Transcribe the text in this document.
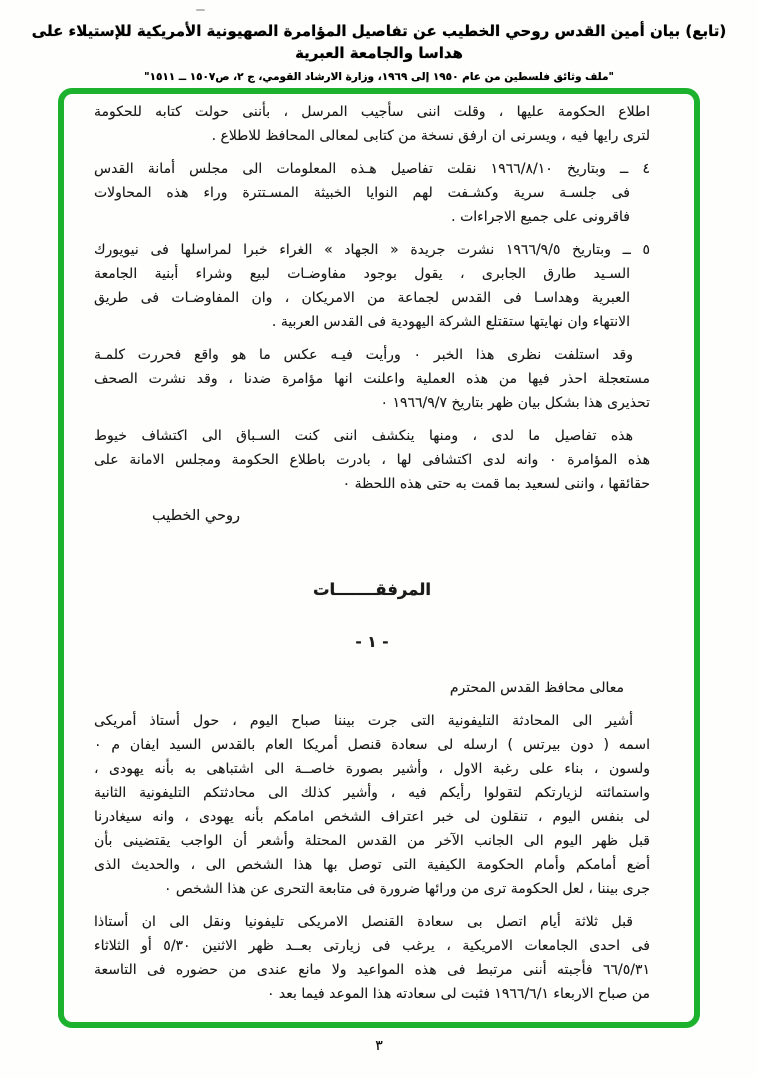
(تابع) بيان أمين القدس روحي الخطيب عن تفاصيل المؤامرة الصهيونية الأمريكية للإستيلاء على هداسا والجامعة العبرية
"ملف وثائق فلسطين من عام ١٩٥٠ إلى ١٩٦٩، وزارة الارشاد القومي، ج ٢، ص١٥٠٧ ــ ١٥١١"
اطلاع الحكومة عليها ، وقلت اننى سأجيب المرسل ، بأننى حولت كتابه للحكومة
لترى رايها فيه ، ويسرنى ان ارفق نسخة من كتابى لمعالى المحافظ للاطلاع .
٤ ــ وبتاريخ ١٩٦٦/٨/١٠ نقلت تفاصيل هـذه المعلومات الى مجلس أمانة القدس
فى جلسـة سرية وكشـفت لهم النوايا الخبيثة المسـتترة وراء هذه المحاولات
فاقرونى على جميع الاجراءات .
٥ ــ وبتاريخ ١٩٦٦/٩/٥ نشرت جريدة « الجهاد » الغراء خبرا لمراسلها فى نيويورك
السـيد طارق الجابرى ، يقول بوجود مفاوضـات لبيع وشراء أبنية الجامعة
العبرية وهداسـا فى القدس لجماعة من الامريكان ، وان المفاوضـات فى طريق
الانتهاء وان نهايتها ستقتلع الشركة اليهودية فى القدس العربية .
وقد استلفت نظرى هذا الخبر ٠ ورأيت فيـه عكس ما هو واقع فحررت كلمـة
مستعجلة احذر فيها من هذه العملية واعلنت انها مؤامرة ضدنا ، وقد نشرت الصحف
تحذيرى هذا بشكل بيان ظهر بتاريخ ١٩٦٦/٩/٧ ٠
هذه تفاصيل ما لدى ، ومنها ينكشف اننى كنت السـباق الى اكتشاف خيوط
هذه المؤامرة ٠ وانه لدى اكتشافى لها ، بادرت باطلاع الحكومة ومجلس الامانة على
حقائقها ، واننى لسعيد بما قمت به حتى هذه اللحظة ٠
روحي الخطيب
المرفقـــــــات
- ١ -
معالى محافظ القدس المحترم
أشير الى المحادثة التليفونية التى جرت بيننا صباح اليوم ، حول أستاذ أمريكى
اسمه ( دون بيرتس ) ارسله لى سعادة قنصل أمريكا العام بالقدس السيد ايفان م ٠
ولسون ، بناء على رغبة الاول ، وأشير بصورة خاصــة الى اشتباهى به بأنه يهودى ،
واستمائته لزيارتكم لتقولوا رأيكم فيه ، وأشير كذلك الى محادثتكم التليفونية الثانية
لى بنفس اليوم ، تنقلون لى خبر اعتراف الشخص امامكم بأنه يهودى ، وانه سيغادرنا
قبل ظهر اليوم الى الجانب الآخر من القدس المحتلة وأشعر أن الواجب يقتضينى بأن
أضع أمامكم وأمام الحكومة الكيفية التى توصل بها هذا الشخص الى ، والحديث الذى
جرى بيننا ، لعل الحكومة ترى من ورائها ضرورة فى متابعة التحرى عن هذا الشخص ٠
قبل ثلاثة أيام اتصل بى سعادة القنصل الامريكى تليفونيا ونقل الى ان أستاذا
فى احدى الجامعات الامريكية ، يرغب فى زيارتى بعــد ظهر الاثنين ٥/٣٠ أو الثلاثاء
٦٦/٥/٣١ فأجبته أننى مرتبط فى هذه المواعيد ولا مانع عندى من حضوره فى التاسعة
من صباح الاربعاء ١٩٦٦/٦/١ فثبت لى سعادته هذا الموعد فيما بعد ٠
٣
